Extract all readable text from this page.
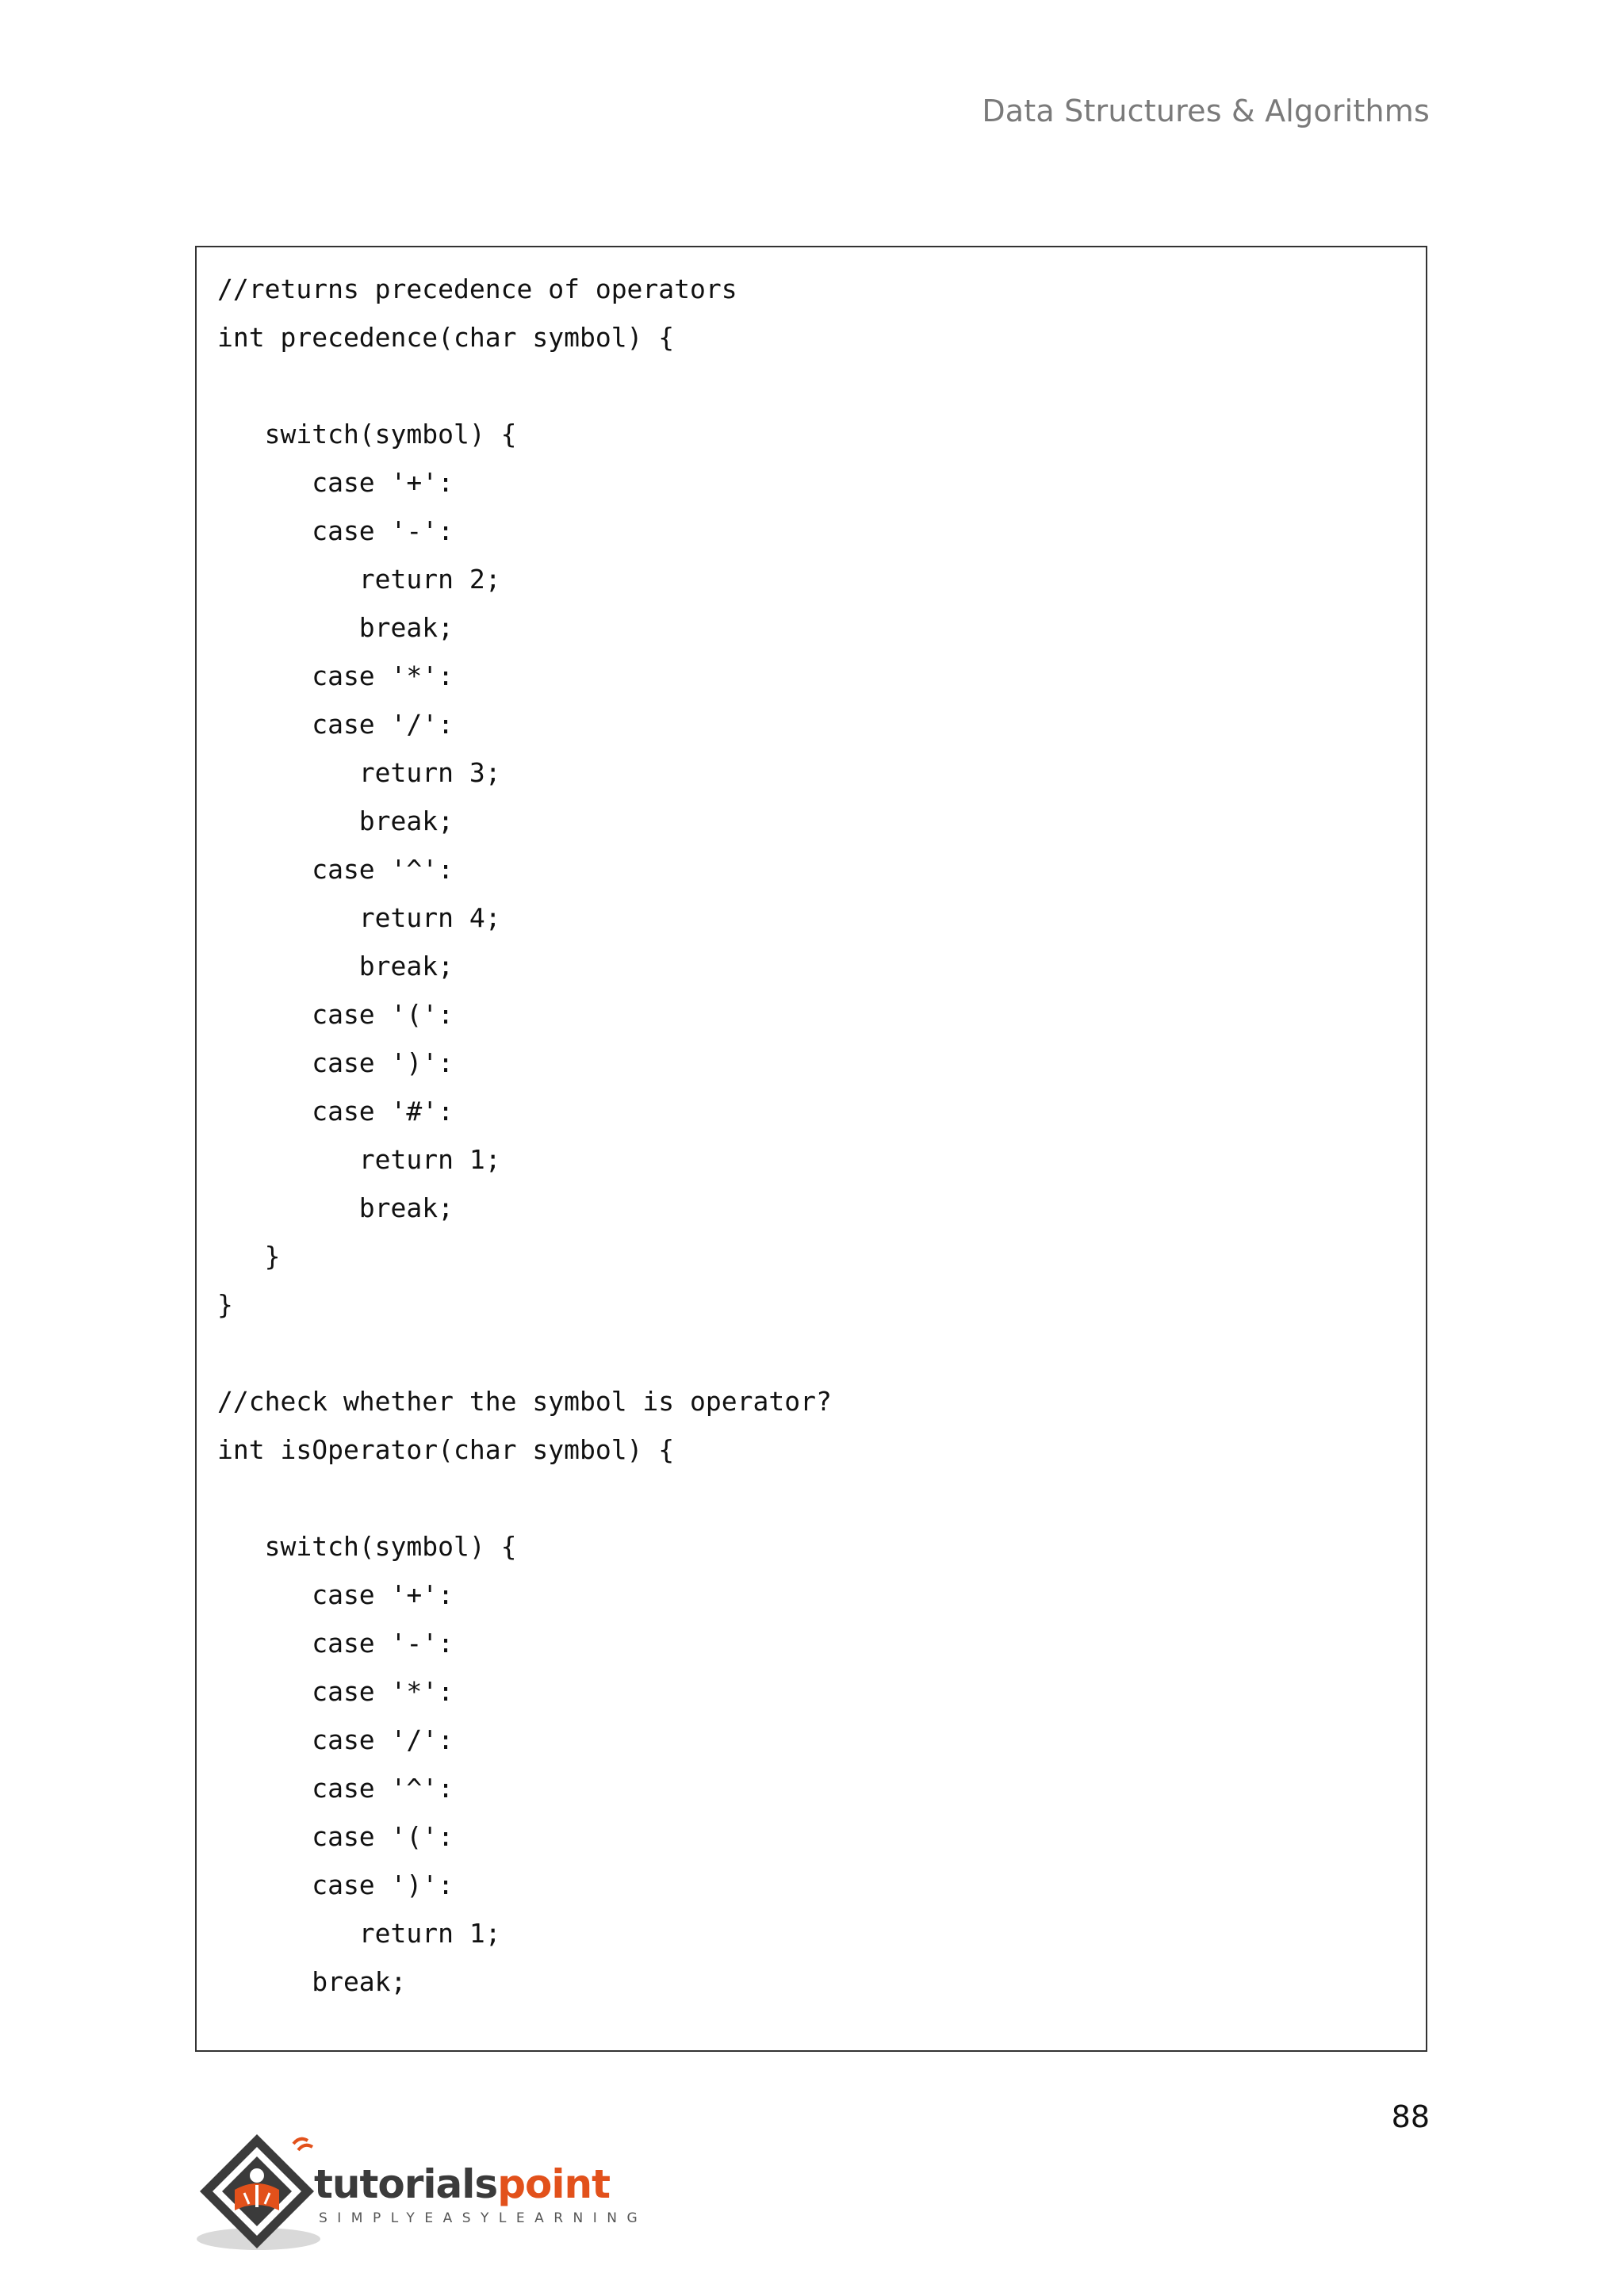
Data Structures & Algorithms
//returns precedence of operators
int precedence(char symbol) {
switch(symbol) {
case '+':
case '-':
return 2;
break;
case '*':
case '/':
return 3;
break;
case '^':
return 4;
break;
case '(':
case ')':
case '#':
return 1;
break;
}
}
//check whether the symbol is operator?
int isOperator(char symbol) {
switch(symbol) {
case '+':
case '-':
case '*':
case '/':
case '^':
case '(':
case ')':
return 1;
break;
88
tutorialspoint
SIMPLYEASYLEARNING
